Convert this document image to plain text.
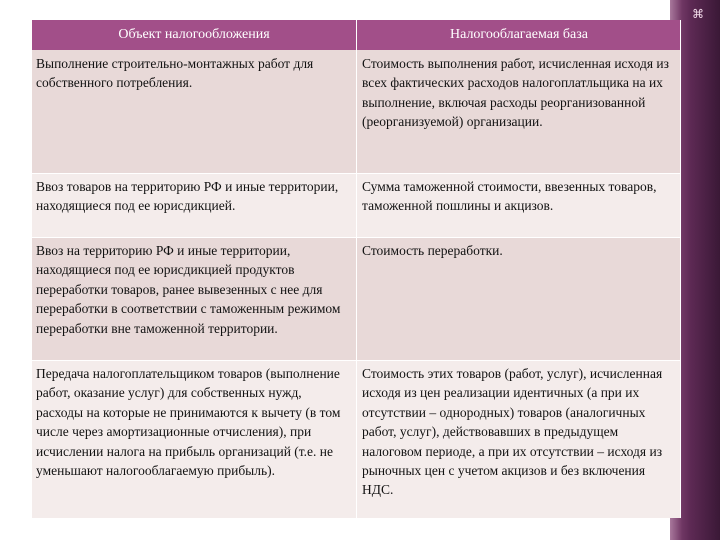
⌘
Объект налогообложения	Налогооблагаемая база
Выполнение строительно-монтажных работ для собственного потребления.
Стоимость выполнения работ, исчисленная исходя из всех фактических расходов налогоплатльщика на их выполнение, включая расходы реорганизованной (реорганизуемой) организации.
Ввоз товаров на территорию РФ и иные территории, находящиеся под ее юрисдикцией.
Сумма таможенной стоимости, ввезенных товаров, таможенной пошлины и акцизов.
Ввоз на территорию РФ и иные территории, находящиеся под ее юрисдикцией продуктов переработки товаров, ранее вывезенных с нее для переработки в соответствии с таможенным режимом переработки вне таможенной территории.
Стоимость переработки.
Передача налогоплательщиком товаров (выполнение работ, оказание услуг) для собственных нужд, расходы на которые не принимаются к вычету (в том числе через амортизационные отчисления), при исчислении налога на прибыль организаций (т.е. не уменьшают налогооблагаемую прибыль).
Стоимость этих товаров (работ, услуг), исчисленная исходя из цен реализации идентичных (а при их отсутствии – однородных) товаров (аналогичных работ, услуг), действовавших в предыдущем налоговом периоде, а при их отсутствии – исходя из рыночных цен с учетом акцизов и без включения НДС.
